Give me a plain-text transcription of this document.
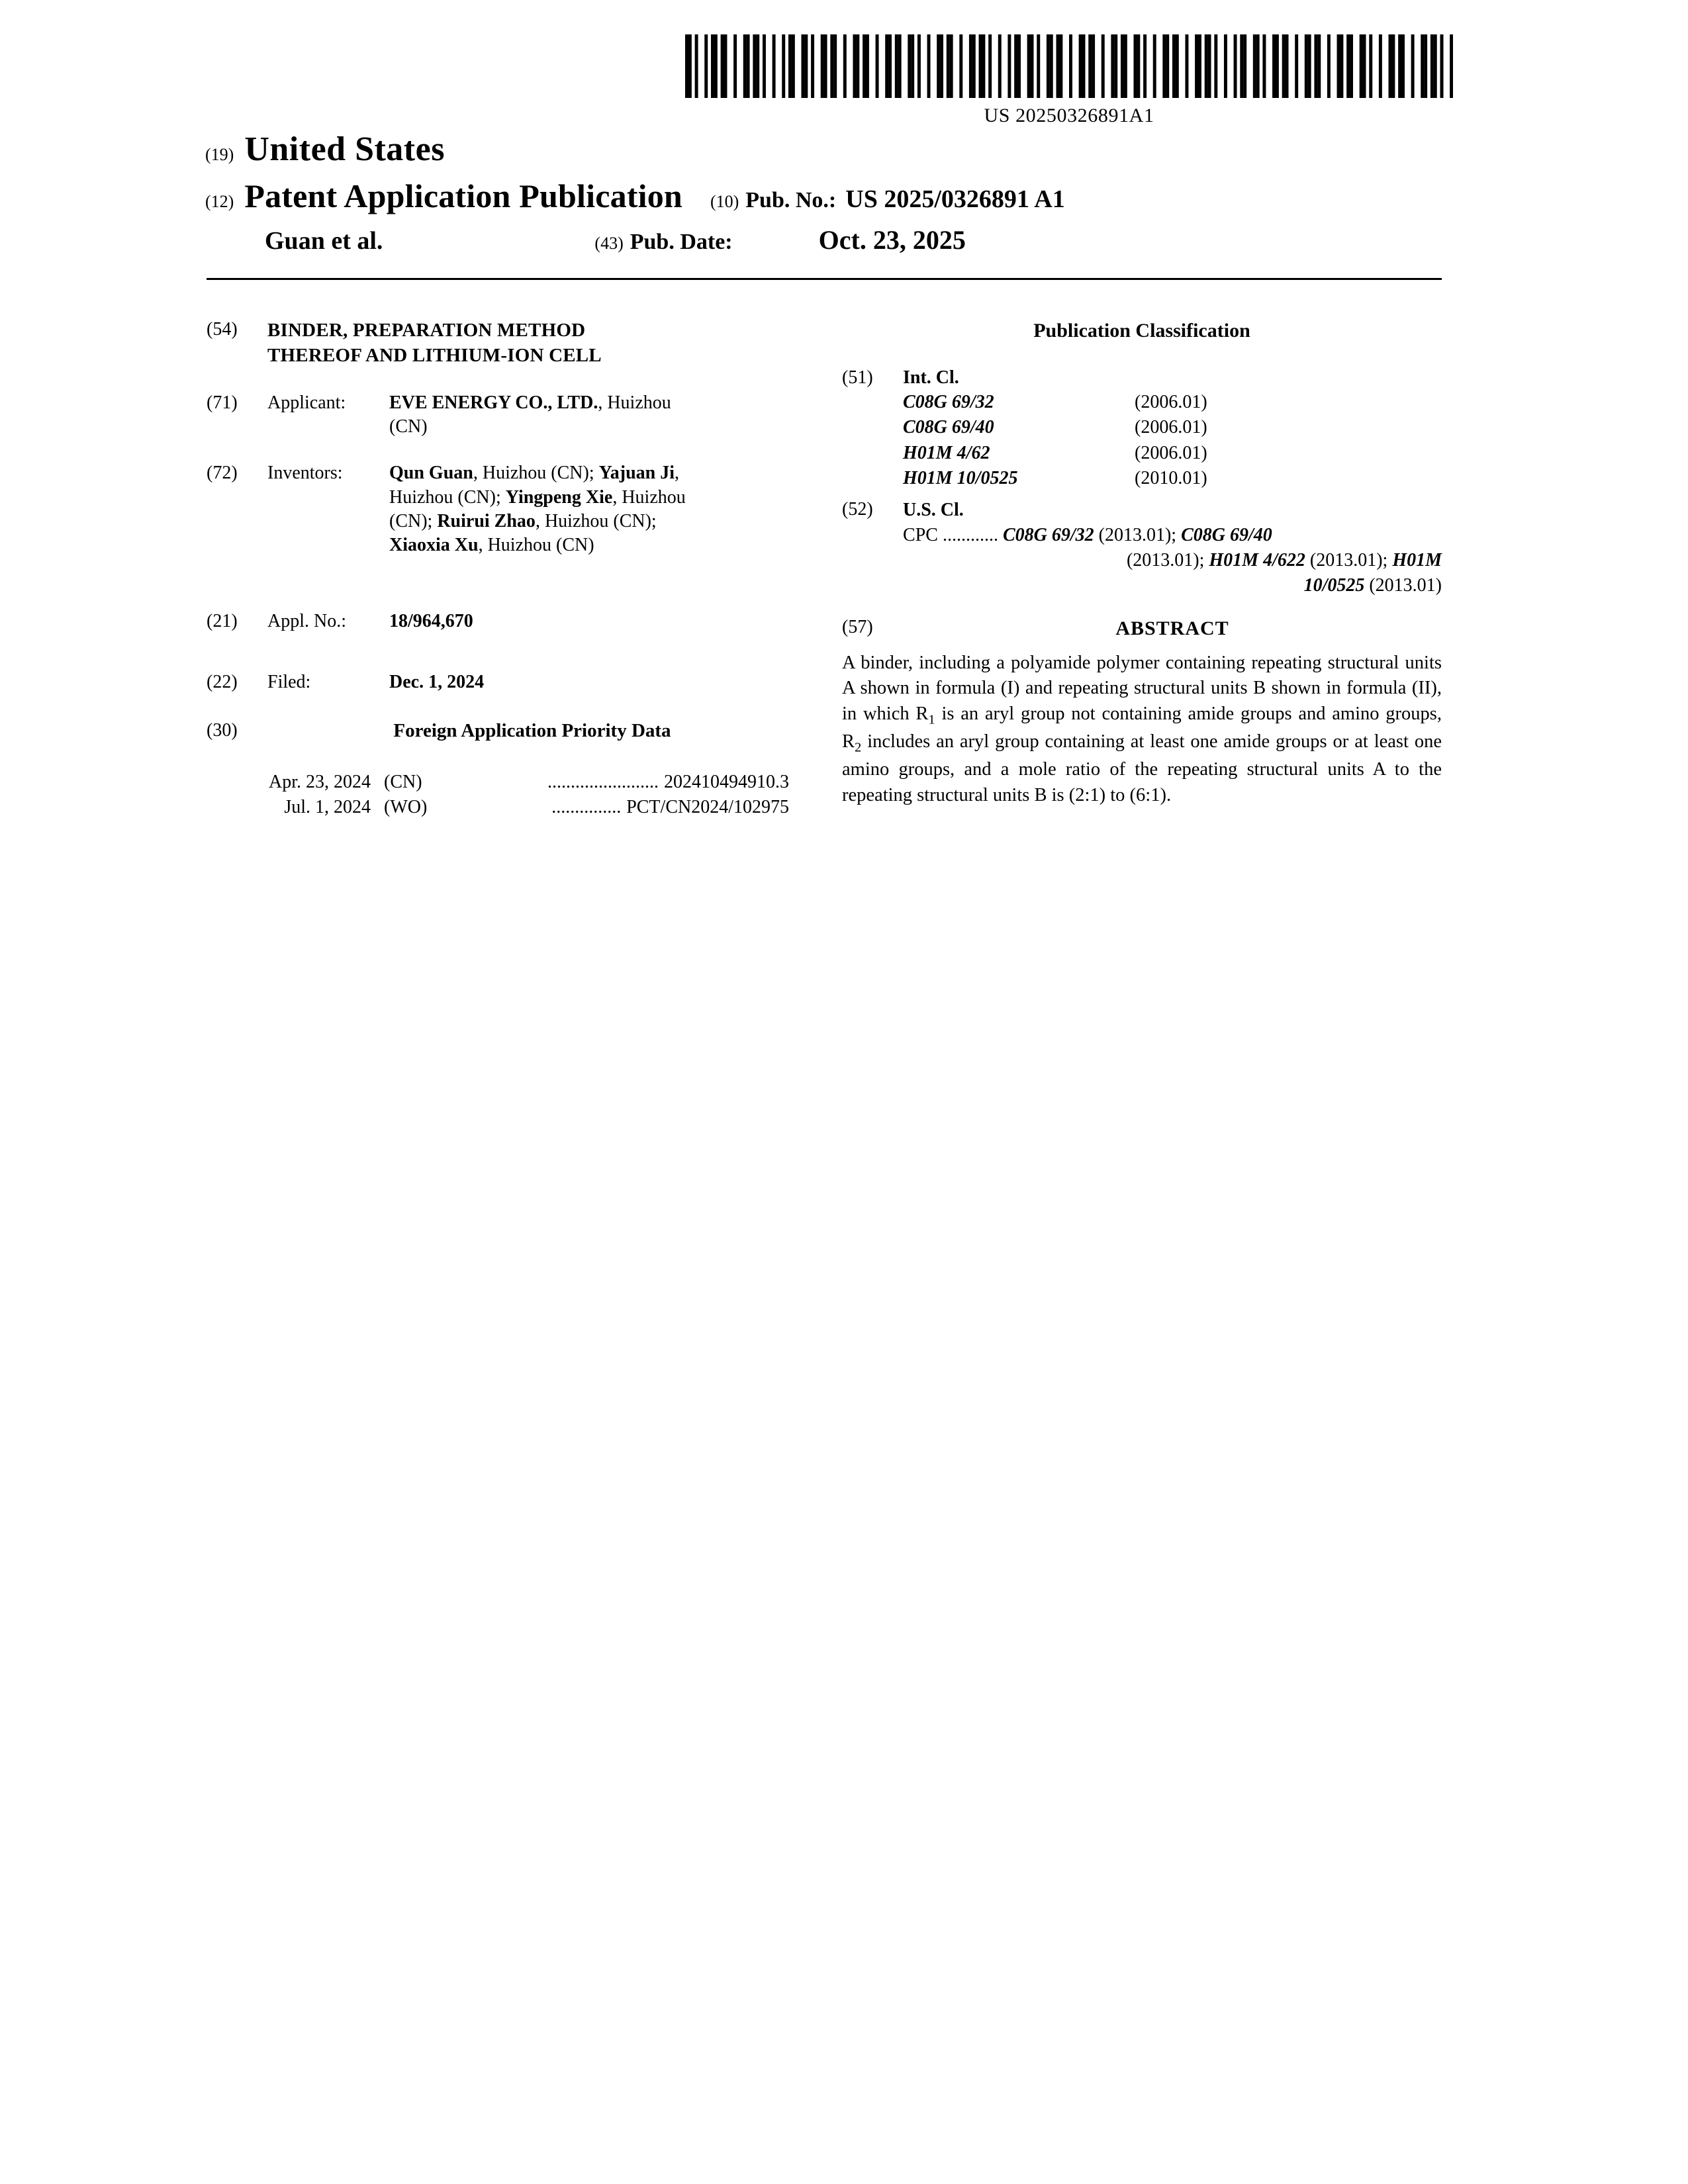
US 20250326891A1
(19) United States
(12) Patent Application Publication (10) Pub. No.: US 2025/0326891 A1
Guan et al.	(43) Pub. Date:	Oct. 23, 2025
(54)	BINDER, PREPARATION METHOD
THEREOF AND LITHIUM-ION CELL
(71)	Applicant: EVE ENERGY CO., LTD., Huizhou
(CN)
(72)	Inventors:	Qun Guan, Huizhou (CN); Yajuan Ji,
Huizhou (CN); Yingpeng Xie, Huizhou
(CN); Ruirui Zhao, Huizhou (CN);
Xiaoxia Xu, Huizhou (CN)
(21)	Appl. No.: 18/964,670
(22)	Filed:	Dec. 1, 2024
(30)	Foreign Application Priority Data
Apr. 23, 2024 (CN)	........................ 202410494910.3
Jul. 1, 2024 (WO)	............... PCT/CN2024/102975
Publication Classification
(51)	Int. Cl.
C08G 69/32	(2006.01)
C08G 69/40	(2006.01)
H01M 4/62	(2006.01)
H01M 10/0525	(2010.01)
(52)	U.S. Cl.
CPC ............ C08G 69/32 (2013.01); C08G 69/40
(2013.01); H01M 4/622 (2013.01); H01M
10/0525 (2013.01)
(57)	ABSTRACT
A binder, including a polyamide polymer containing repeating structural units A shown in formula (I) and repeating structural units B shown in formula (II), in which $R_1$ is an aryl group not containing amide groups and amino groups, $R_2$ includes an aryl group containing at least one amide groups or at least one amino groups, and a mole ratio of the repeating structural units A to the repeating structural units B is (2:1) to (6:1).
